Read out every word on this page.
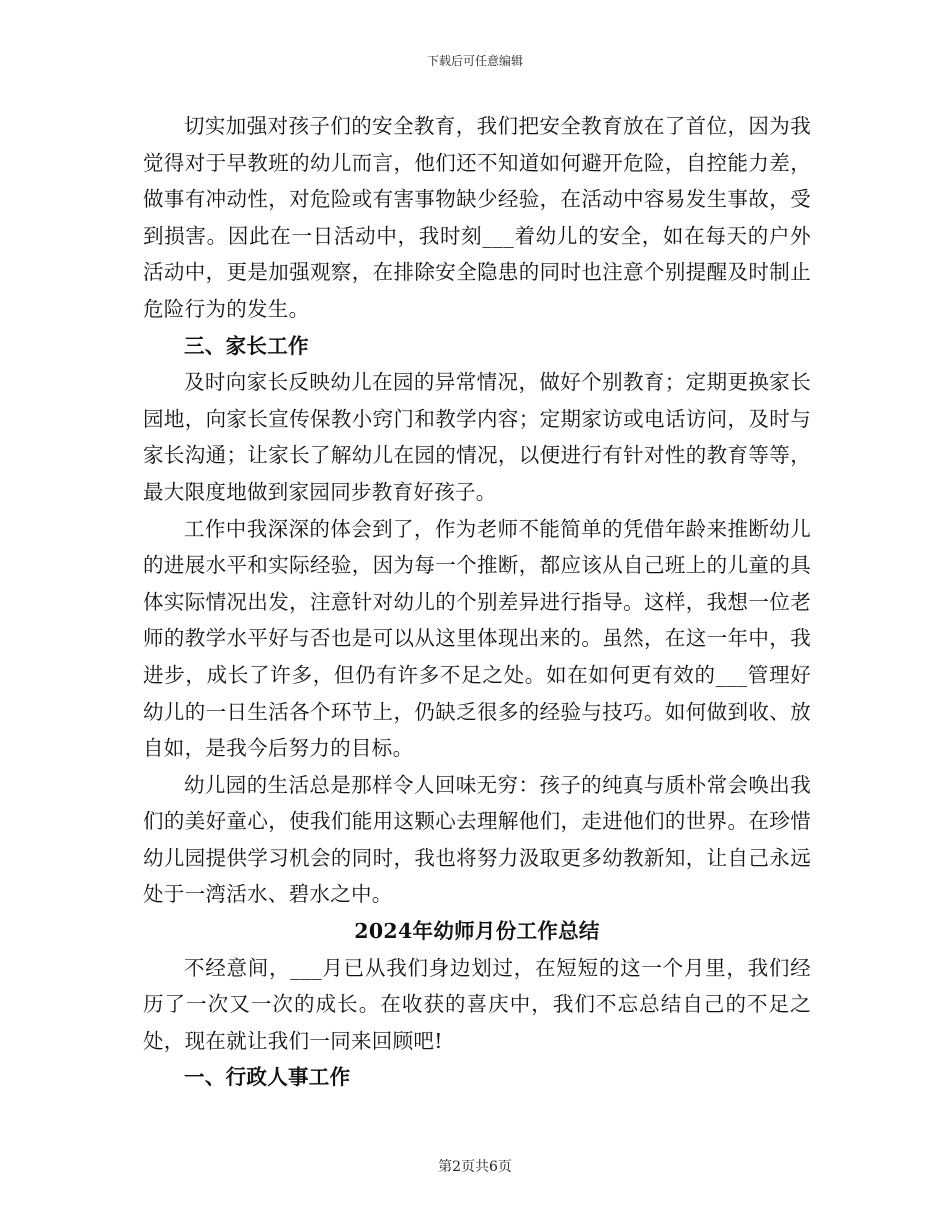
下载后可任意编辑

切实加强对孩子们的安全教育，我们把安全教育放在了首位，因为我觉得对于早教班的幼儿而言，他们还不知道如何避开危险，自控能力差，做事有冲动性，对危险或有害事物缺少经验，在活动中容易发生事故，受到损害。因此在一日活动中，我时刻___着幼儿的安全，如在每天的户外活动中，更是加强观察，在排除安全隐患的同时也注意个别提醒及时制止危险行为的发生。

三、家长工作

及时向家长反映幼儿在园的异常情况，做好个别教育；定期更换家长园地，向家长宣传保教小窍门和教学内容；定期家访或电话访问，及时与家长沟通；让家长了解幼儿在园的情况，以便进行有针对性的教育等等，最大限度地做到家园同步教育好孩子。

工作中我深深的体会到了，作为老师不能简单的凭借年龄来推断幼儿的进展水平和实际经验，因为每一个推断，都应该从自己班上的儿童的具体实际情况出发，注意针对幼儿的个别差异进行指导。这样，我想一位老师的教学水平好与否也是可以从这里体现出来的。虽然，在这一年中，我进步，成长了许多，但仍有许多不足之处。如在如何更有效的___管理好幼儿的一日生活各个环节上，仍缺乏很多的经验与技巧。如何做到收、放自如，是我今后努力的目标。

幼儿园的生活总是那样令人回味无穷：孩子的纯真与质朴常会唤出我们的美好童心，使我们能用这颗心去理解他们，走进他们的世界。在珍惜幼儿园提供学习机会的同时，我也将努力汲取更多幼教新知，让自己永远处于一湾活水、碧水之中。

2024年幼师月份工作总结

不经意间，___月已从我们身边划过，在短短的这一个月里，我们经历了一次又一次的成长。在收获的喜庆中，我们不忘总结自己的不足之处，现在就让我们一同来回顾吧!

一、行政人事工作

第2页共6页
